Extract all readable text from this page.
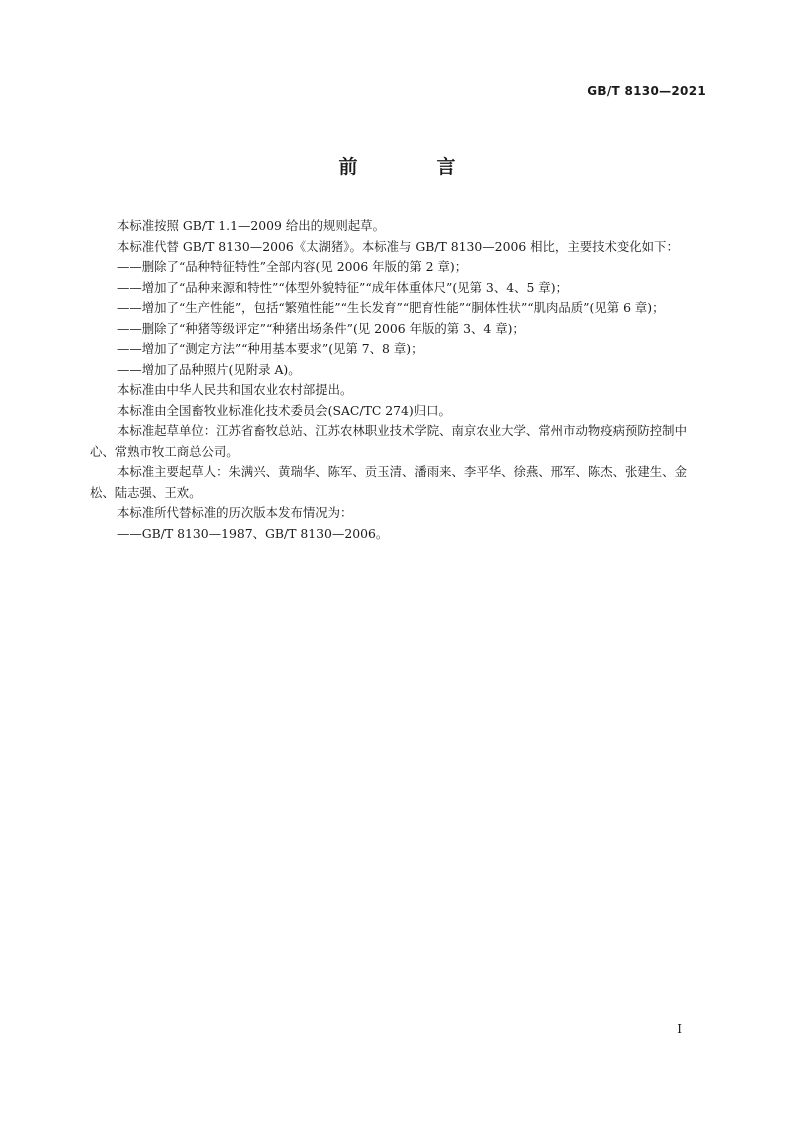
GB/T 8130—2021
前　言

本标准按照 GB/T 1.1—2009 给出的规则起草。

本标准代替 GB/T 8130—2006《太湖猪》。本标准与 GB/T 8130—2006 相比，主要技术变化如下：

——删除了“品种特征特性”全部内容(见 2006 年版的第 2 章)；

——增加了“品种来源和特性”“体型外貌特征”“成年体重体尺”(见第 3、4、5 章)；

——增加了“生产性能”，包括“繁殖性能”“生长发育”“肥育性能”“胴体性状”“肌肉品质”(见第 6 章)；

——删除了“种猪等级评定”“种猪出场条件”(见 2006 年版的第 3、4 章)；

——增加了“测定方法”“种用基本要求”(见第 7、8 章)；

——增加了品种照片(见附录 A)。

本标准由中华人民共和国农业农村部提出。

本标准由全国畜牧业标准化技术委员会(SAC/TC 274)归口。

本标准起草单位：江苏省畜牧总站、江苏农林职业技术学院、南京农业大学、常州市动物疫病预防控制中心、常熟市牧工商总公司。

本标准主要起草人：朱满兴、黄瑞华、陈军、贡玉清、潘雨来、李平华、徐燕、邢军、陈杰、张建生、金松、陆志强、王欢。

本标准所代替标准的历次版本发布情况为：

——GB/T 8130—1987、GB/T 8130—2006。

I
